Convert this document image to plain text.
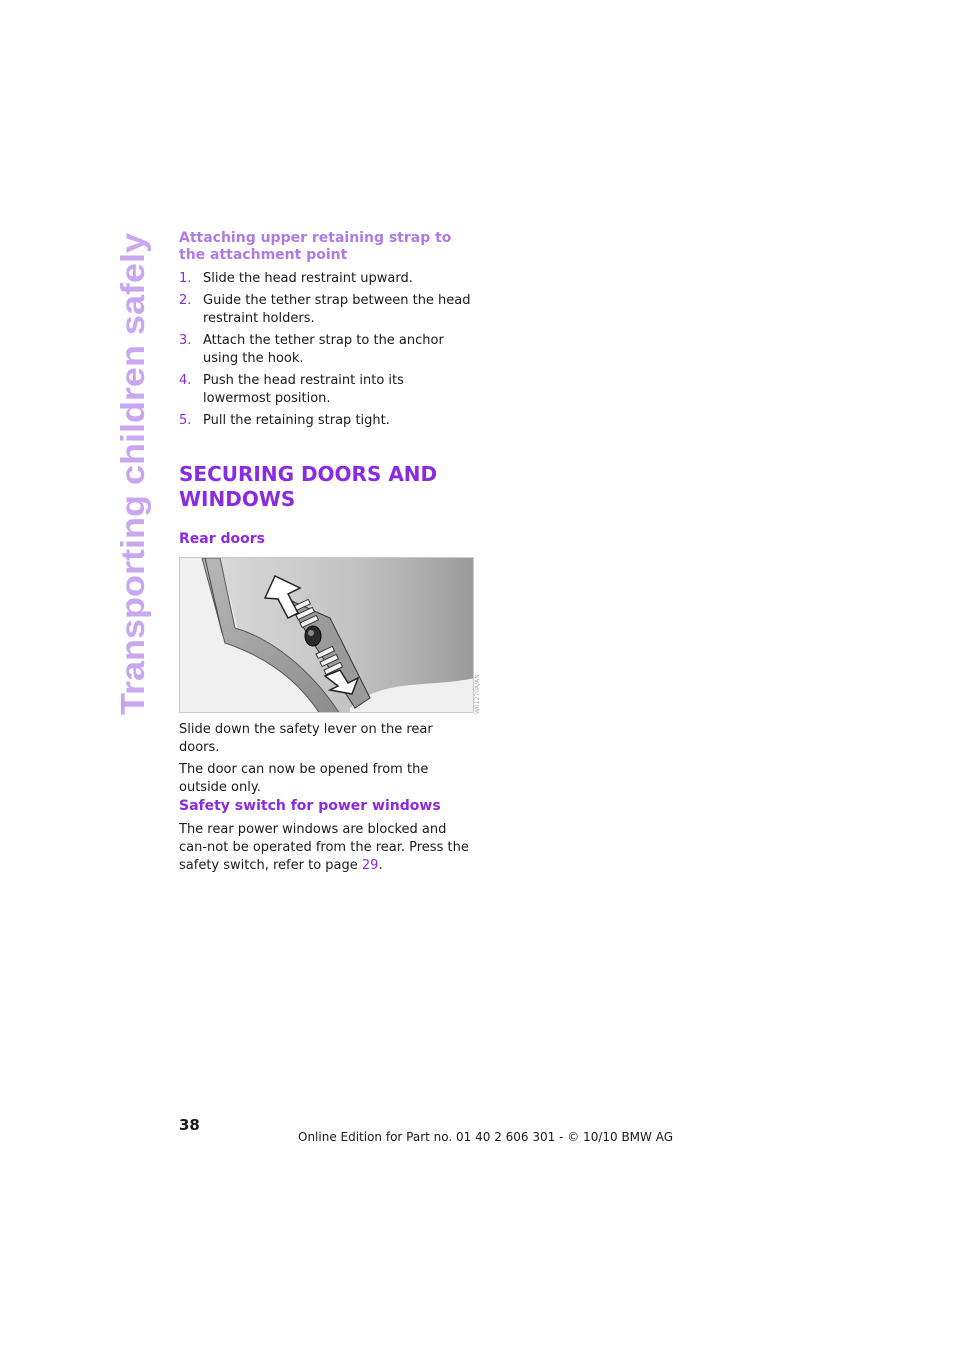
Transporting children safely
Attaching upper retaining strap to the attachment point
1. Slide the head restraint upward.
2. Guide the tether strap between the head restraint holders.
3. Attach the tether strap to the anchor using the hook.
4. Push the head restraint into its lowermost position.
5. Pull the retaining strap tight.
SECURING DOORS AND WINDOWS
Rear doors
W01270A/AN

Slide down the safety lever on the rear doors.

The door can now be opened from the outside only.

Safety switch for power windows

The rear power windows are blocked and can-not be operated from the rear. Press the safety switch, refer to page 29.

38
Online Edition for Part no. 01 40 2 606 301 - © 10/10 BMW AG
